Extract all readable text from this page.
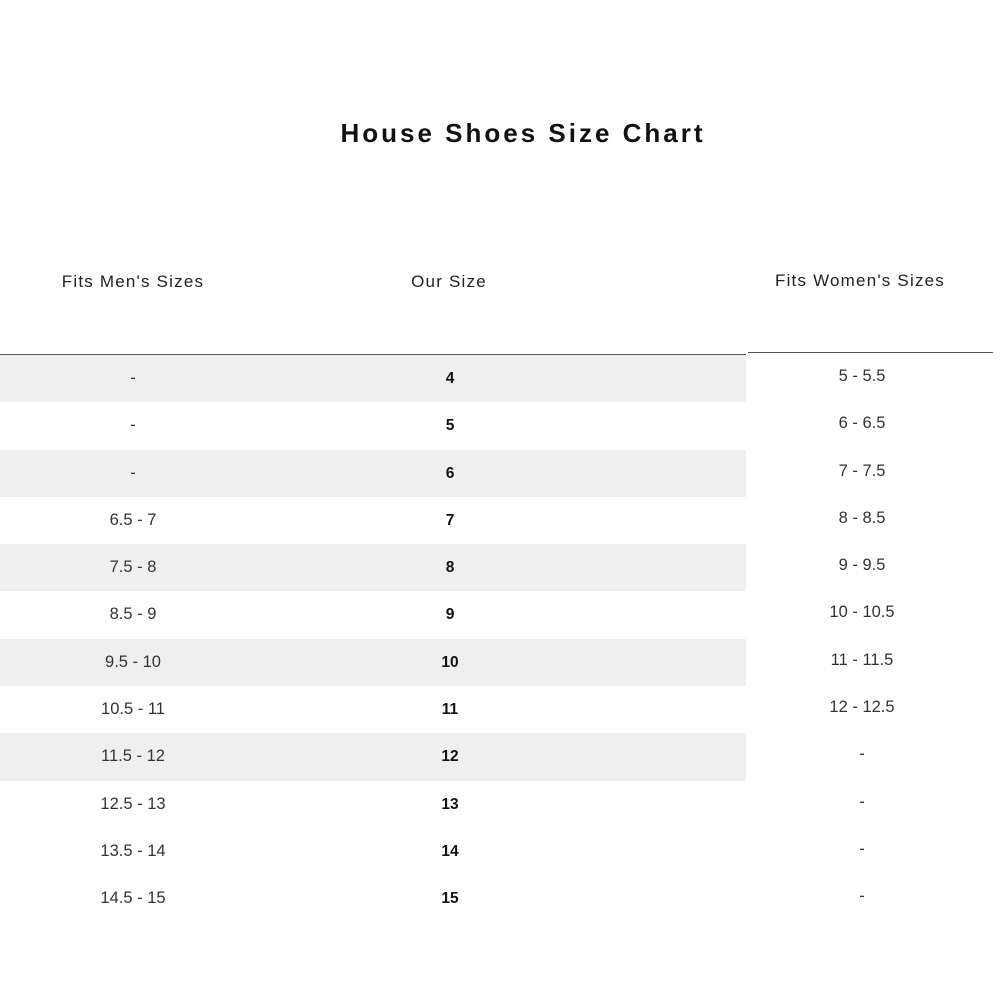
House Shoes Size Chart
Fits Men's Sizes	Our Size	Fits Women's Sizes
-	4	5 - 5.5
-	5	6 - 6.5
-	6	7 - 7.5
6.5 - 7	7	8 - 8.5
7.5 - 8	8	9 - 9.5
8.5 - 9	9	10 - 10.5
9.5 - 10	10	11 - 11.5
10.5 - 11	11	12 - 12.5
11.5 - 12	12	-
12.5 - 13	13	-
13.5 - 14	14	-
14.5 - 15	15	-
